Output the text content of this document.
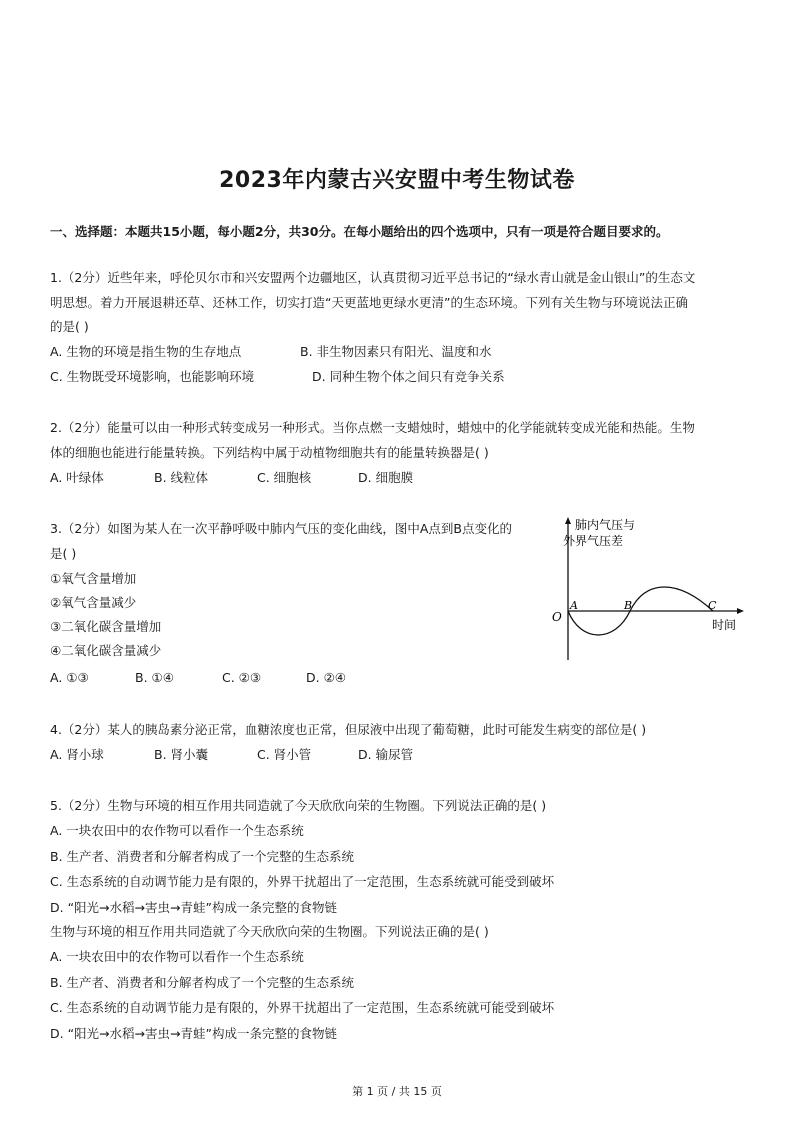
2023年内蒙古兴安盟中考生物试卷
一、选择题：本题共15小题，每小题2分，共30分。在每小题给出的四个选项中，只有一项是符合题目要求的。
1.（2分）近些年来，呼伦贝尔市和兴安盟两个边疆地区，认真贯彻习近平总书记的“绿水青山就是金山银山”的生态文
明思想。着力开展退耕还草、还林工作，切实打造“天更蓝地更绿水更清”的生态环境。下列有关生物与环境说法正确
的是( )
A. 生物的环境是指生物的生存地点	B. 非生物因素只有阳光、温度和水
C. 生物既受环境影响，也能影响环境	D. 同种生物个体之间只有竞争关系
2.（2分）能量可以由一种形式转变成另一种形式。当你点燃一支蜡烛时，蜡烛中的化学能就转变成光能和热能。生物
体的细胞也能进行能量转换。下列结构中属于动植物细胞共有的能量转换器是( )
A. 叶绿体	B. 线粒体	C. 细胞核	D. 细胞膜
3.（2分）如图为某人在一次平静呼吸中肺内气压的变化曲线，图中A点到B点变化的
是( )
①氧气含量增加
②氧气含量减少
③二氧化碳含量增加
④二氧化碳含量减少
A. ①③	B. ①④	C. ②③	D. ②④
肺内气压与
外界气压差
O
A	B	C
时间
4.（2分）某人的胰岛素分泌正常，血糖浓度也正常，但尿液中出现了葡萄糖，此时可能发生病变的部位是( )
A. 肾小球	B. 肾小囊	C. 肾小管	D. 输尿管
5.（2分）生物与环境的相互作用共同造就了今天欣欣向荣的生物圈。下列说法正确的是( )
A. 一块农田中的农作物可以看作一个生态系统
B. 生产者、消费者和分解者构成了一个完整的生态系统
C. 生态系统的自动调节能力是有限的，外界干扰超出了一定范围，生态系统就可能受到破坏
D. “阳光→水稻→害虫→青蛙”构成一条完整的食物链
生物与环境的相互作用共同造就了今天欣欣向荣的生物圈。下列说法正确的是( )
A. 一块农田中的农作物可以看作一个生态系统
B. 生产者、消费者和分解者构成了一个完整的生态系统
C. 生态系统的自动调节能力是有限的，外界干扰超出了一定范围，生态系统就可能受到破坏
D. “阳光→水稻→害虫→青蛙”构成一条完整的食物链
第 1 页 / 共 15 页
